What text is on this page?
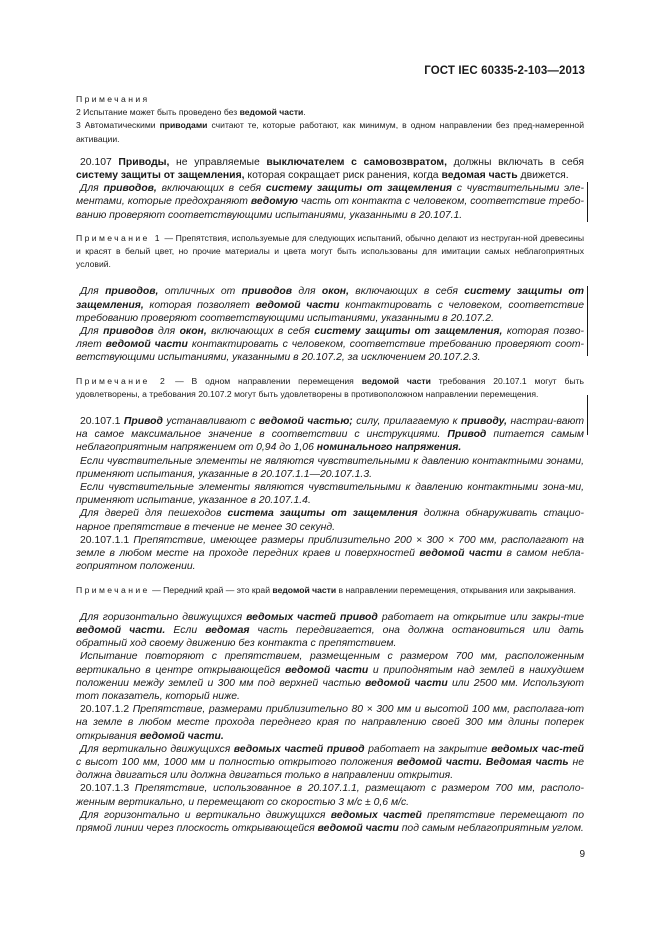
ГОСТ IEC 60335-2-103—2013

Примечания

2 Испытание может быть проведено без ведомой части.

3 Автоматическими приводами считают те, которые работают, как минимум, в одном направлении без пред-намеренной активации.

20.107 Приводы, не управляемые выключателем с самовозвратом, должны включать в себя систему защиты от защемления, которая сокращает риск ранения, когда ведомая часть движется.

Для приводов, включающих в себя систему защиты от защемления с чувствительными эле-ментами, которые предохраняют ведомую часть от контакта с человеком, соответствие требо-ванию проверяют соответствующими испытаниями, указанными в 20.107.1.

Примечание 1 — Препятствия, используемые для следующих испытаний, обычно делают из неструган-ной древесины и красят в белый цвет, но прочие материалы и цвета могут быть использованы для имитации самых неблагоприятных условий.

Для приводов, отличных от приводов для окон, включающих в себя систему защиты от защемления, которая позволяет ведомой части контактировать с человеком, соответствие требованию проверяют соответствующими испытаниями, указанными в 20.107.2.

Для приводов для окон, включающих в себя систему защиты от защемления, которая позво-ляет ведомой части контактировать с человеком, соответствие требованию проверяют соот-ветствующими испытаниями, указанными в 20.107.2, за исключением 20.107.2.3.

Примечание 2 — В одном направлении перемещения ведомой части требования 20.107.1 могут быть удовлетворены, а требования 20.107.2 могут быть удовлетворены в противоположном направлении перемещения.

20.107.1 Привод устанавливают с ведомой частью; силу, прилагаемую к приводу, настраи-вают на самое максимальное значение в соответствии с инструкциями. Привод питается самым неблагоприятным напряжением от 0,94 до 1,06 номинального напряжения.

Если чувствительные элементы не являются чувствительными к давлению контактными зонами, применяют испытания, указанные в 20.107.1.1—20.107.1.3.

Если чувствительные элементы являются чувствительными к давлению контактными зона-ми, применяют испытание, указанное в 20.107.1.4.

Для дверей для пешеходов система защиты от защемления должна обнаруживать стацио-нарное препятствие в течение не менее 30 секунд.

20.107.1.1 Препятствие, имеющее размеры приблизительно 200 × 300 × 700 мм, располагают на земле в любом месте на проходе передних краев и поверхностей ведомой части в самом небла-гоприятном положении.

Примечание — Передний край — это край ведомой части в направлении перемещения, открывания или закрывания.

Для горизонтально движущихся ведомых частей привод работает на открытие или закры-тие ведомой части. Если ведомая часть передвигается, она должна остановиться или дать обратный ход своему движению без контакта с препятствием.

Испытание повторяют с препятствием, размещенным с размером 700 мм, расположенным вертикально в центре открывающейся ведомой части и приподнятым над землей в наихудшем положении между землей и 300 мм под верхней частью ведомой части или 2500 мм. Используют тот показатель, который ниже.

20.107.1.2 Препятствие, размерами приблизительно 80 × 300 мм и высотой 100 мм, располага-ют на земле в любом месте прохода переднего края по направлению своей 300 мм длины поперек открывания ведомой части.

Для вертикально движущихся ведомых частей привод работает на закрытие ведомых час-тей с высот 100 мм, 1000 мм и полностью открытого положения ведомой части. Ведомая часть не должна двигаться или должна двигаться только в направлении открытия.

20.107.1.3 Препятствие, использованное в 20.107.1.1, размещают с размером 700 мм, располо-женным вертикально, и перемещают со скоростью 3 м/с ± 0,6 м/с.

Для горизонтально и вертикально движущихся ведомых частей препятствие перемещают по прямой линии через плоскость открывающейся ведомой части под самым неблагоприятным углом.

9
